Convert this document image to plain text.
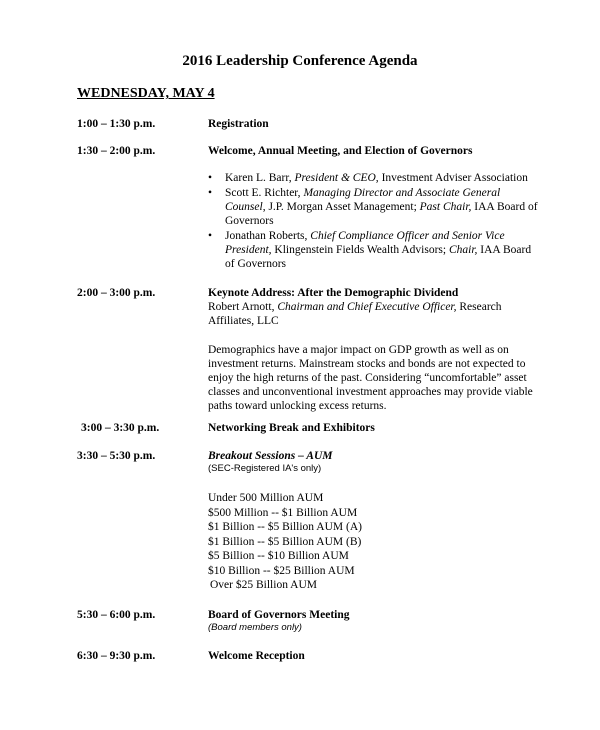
2016 Leadership Conference Agenda
WEDNESDAY, MAY 4
1:00 – 1:30 p.m.	Registration
1:30 – 2:00 p.m.	Welcome, Annual Meeting, and Election of Governors
• Karen L. Barr, President & CEO, Investment Adviser Association
• Scott E. Richter, Managing Director and Associate General Counsel, J.P. Morgan Asset Management; Past Chair, IAA Board of Governors
• Jonathan Roberts, Chief Compliance Officer and Senior Vice President, Klingenstein Fields Wealth Advisors; Chair, IAA Board of Governors
2:00 – 3:00 p.m.	Keynote Address: After the Demographic Dividend
Robert Arnott, Chairman and Chief Executive Officer, Research Affiliates, LLC
Demographics have a major impact on GDP growth as well as on investment returns. Mainstream stocks and bonds are not expected to enjoy the high returns of the past. Considering “uncomfortable” asset classes and unconventional investment approaches may provide viable paths toward unlocking excess returns.
3:00 – 3:30 p.m.	Networking Break and Exhibitors
3:30 – 5:30 p.m.	Breakout Sessions – AUM
(SEC-Registered IA's only)
Under 500 Million AUM
$500 Million -- $1 Billion AUM
$1 Billion -- $5 Billion AUM (A)
$1 Billion -- $5 Billion AUM (B)
$5 Billion -- $10 Billion AUM
$10 Billion -- $25 Billion AUM
Over $25 Billion AUM
5:30 – 6:00 p.m.	Board of Governors Meeting
(Board members only)
6:30 – 9:30 p.m.	Welcome Reception
